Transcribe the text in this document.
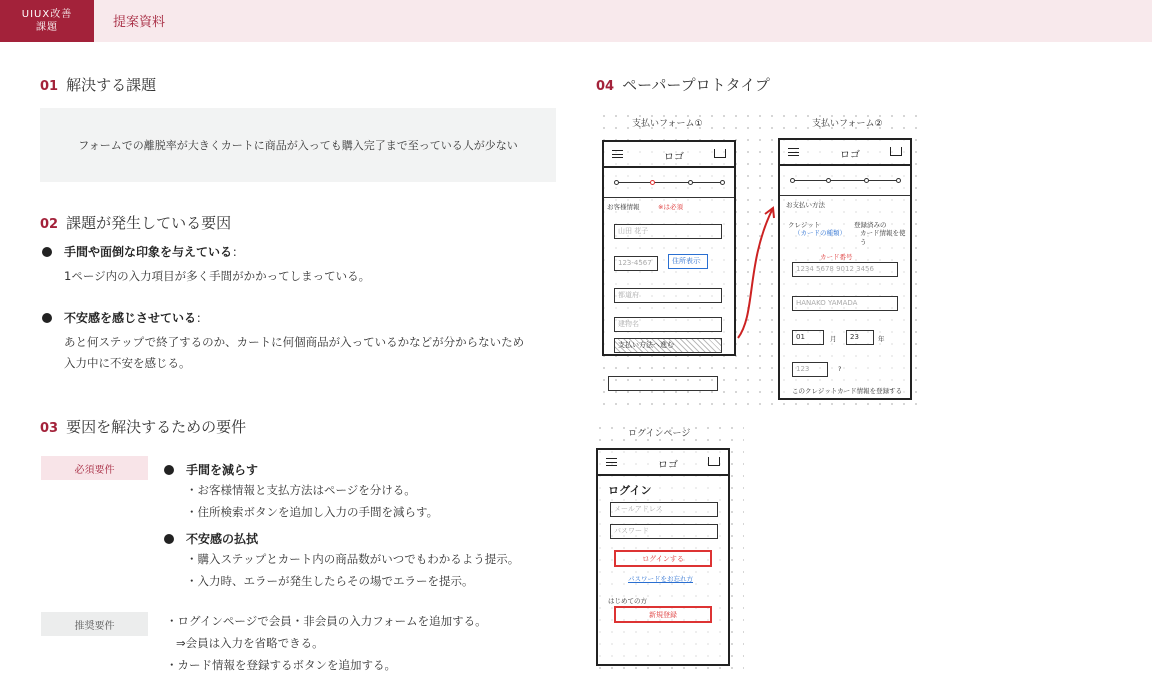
UIUX改善
課題	提案資料
01 解決する課題
フォームでの離脱率が大きくカートに商品が入っても購入完了まで至っている人が少ない
02 課題が発生している要因
手間や面倒な印象を与えている ：
1ページ内の入力項目が多く手間がかかってしまっている。
不安感を感じさせている ：
あと何ステップで終了するのか、カートに何個商品が入っているかなどが分からないため
入力中に不安を感じる。
03 要因を解決するための要件
必須要件	手間を減らす
・お客様情報と支払方法はページを分ける。
・住所検索ボタンを追加し入力の手間を減らす。
不安感の払拭
・購入ステップとカート内の商品数がいつでもわかるよう提示。
・入力時、エラーが発生したらその場でエラーを提示。
推奨要件	・ログインページで会員・非会員の入力フォームを追加する。
⇒会員は入力を省略できる。
・カード情報を登録するボタンを追加する。
04 ペーパープロトタイプ
支払いフォーム①	支払いフォーム②
ロゴ
お客様情報	※は必須
山田 花子
123-4567	住所表示
都道府
建物名
支払い方法へ進む
ロゴ
お支払い方法
クレジット
（カードの種類）
登録済みの
カード情報を使う
カード番号
1234 5678 9012 3456
HANAKO YAMADA
01	月	23	年
123	?
このクレジットカード情報を登録する
ログインページ
ロゴ
ログイン
メールアドレス
パスワード
ログインする
パスワードをお忘れ方
はじめての方
新規登録
